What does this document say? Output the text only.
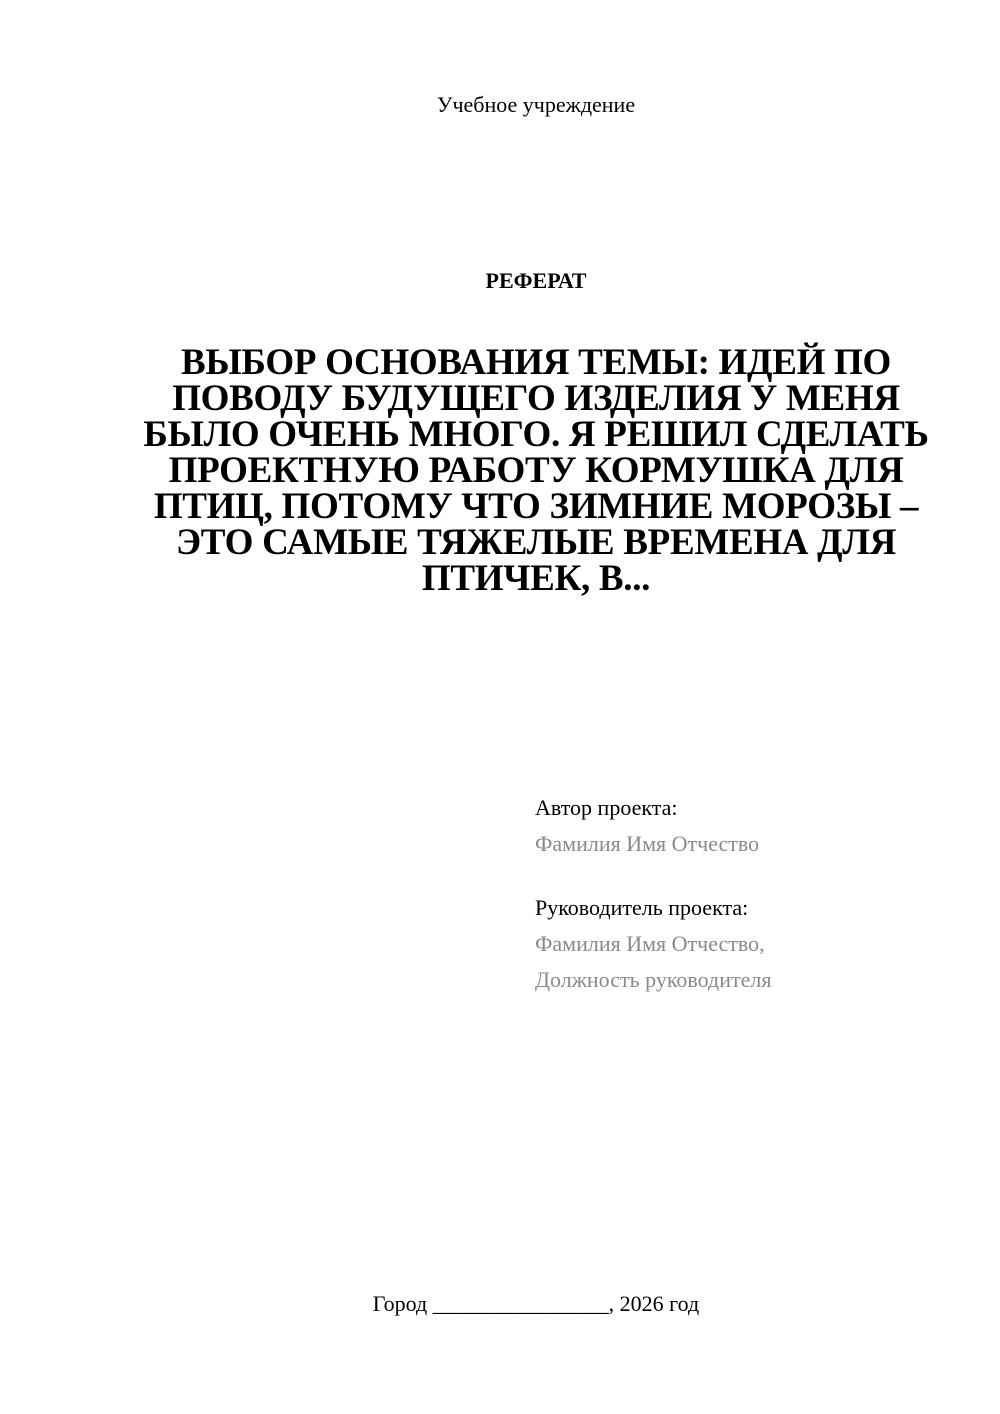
Учебное учреждение
РЕФЕРАТ
ВЫБОР ОСНОВАНИЯ ТЕМЫ: ИДЕЙ ПО ПОВОДУ БУДУЩЕГО ИЗДЕЛИЯ У МЕНЯ БЫЛО ОЧЕНЬ МНОГО. Я РЕШИЛ СДЕЛАТЬ ПРОЕКТНУЮ РАБОТУ КОРМУШКА ДЛЯ ПТИЦ, ПОТОМУ ЧТО ЗИМНИЕ МОРОЗЫ – ЭТО САМЫЕ ТЯЖЕЛЫЕ ВРЕМЕНА ДЛЯ ПТИЧЕК, В...
Автор проекта:
Фамилия Имя Отчество
Руководитель проекта:
Фамилия Имя Отчество,
Должность руководителя
Город ________________, 2026 год
